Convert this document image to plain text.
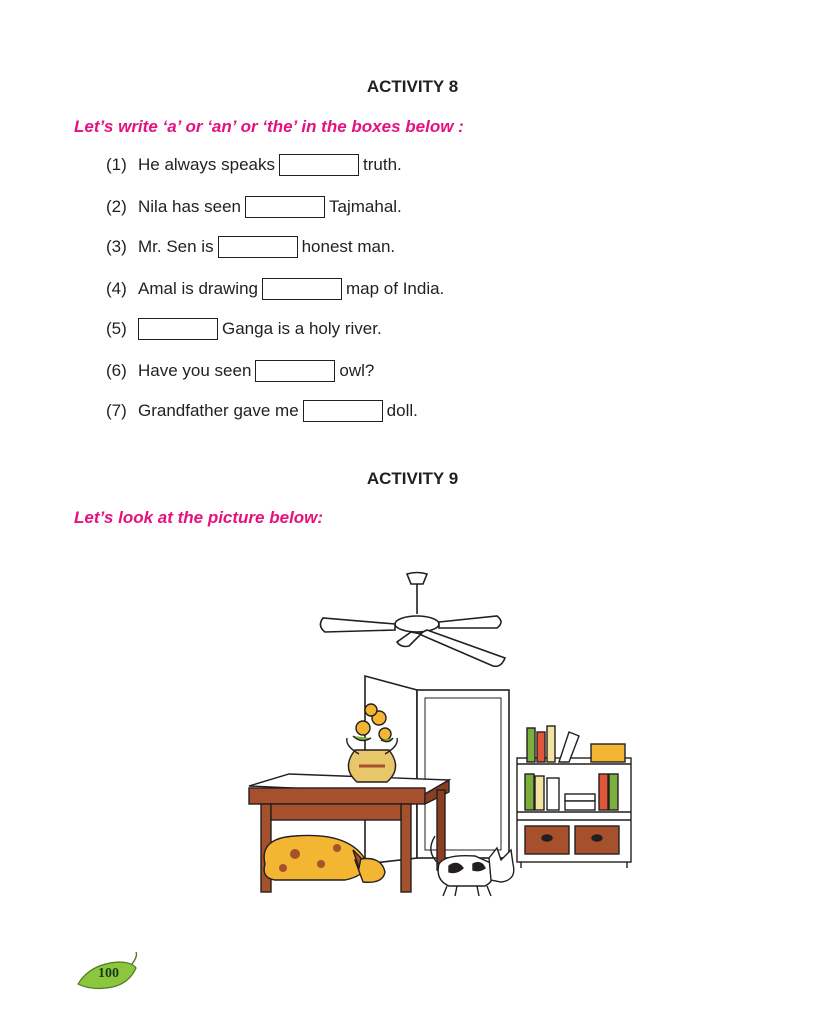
ACTIVITY 8
Let’s write ‘a’ or ‘an’ or ‘the’ in the boxes below :
(1) He always speaks	truth.
(2) Nila has seen	Tajmahal.
(3) Mr. Sen is	honest man.
(4) Amal is drawing	map of India.
(5)	Ganga is a holy river.
(6) Have you seen	owl?
(7) Grandfather gave me	doll.
ACTIVITY 9
Let’s look at the picture below:
100
